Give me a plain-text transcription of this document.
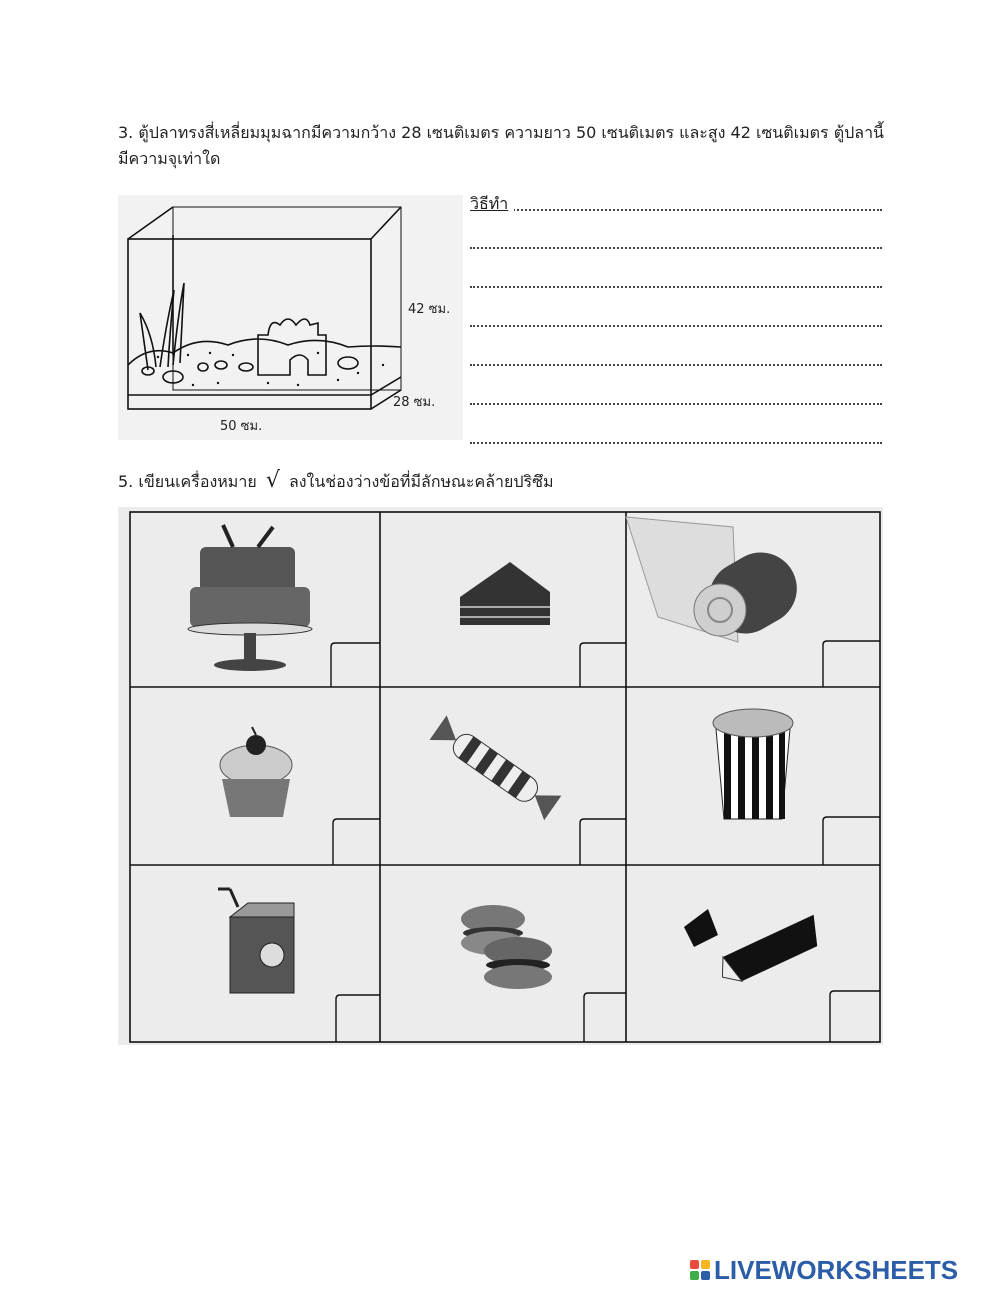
3. ตู้ปลาทรงสี่เหลี่ยมมุมฉากมีความกว้าง 28 เซนติเมตร ความยาว 50 เซนติเมตร และสูง 42 เซนติเมตร ตู้ปลานี้

มีความจุเท่าใด

42 ซม.
28 ซม.
50 ซม.
วิธีทำ
5. เขียนเครื่องหมาย √ ลงในช่องว่างข้อที่มีลักษณะคล้ายปริซึม
LIVEWORKSHEETS
